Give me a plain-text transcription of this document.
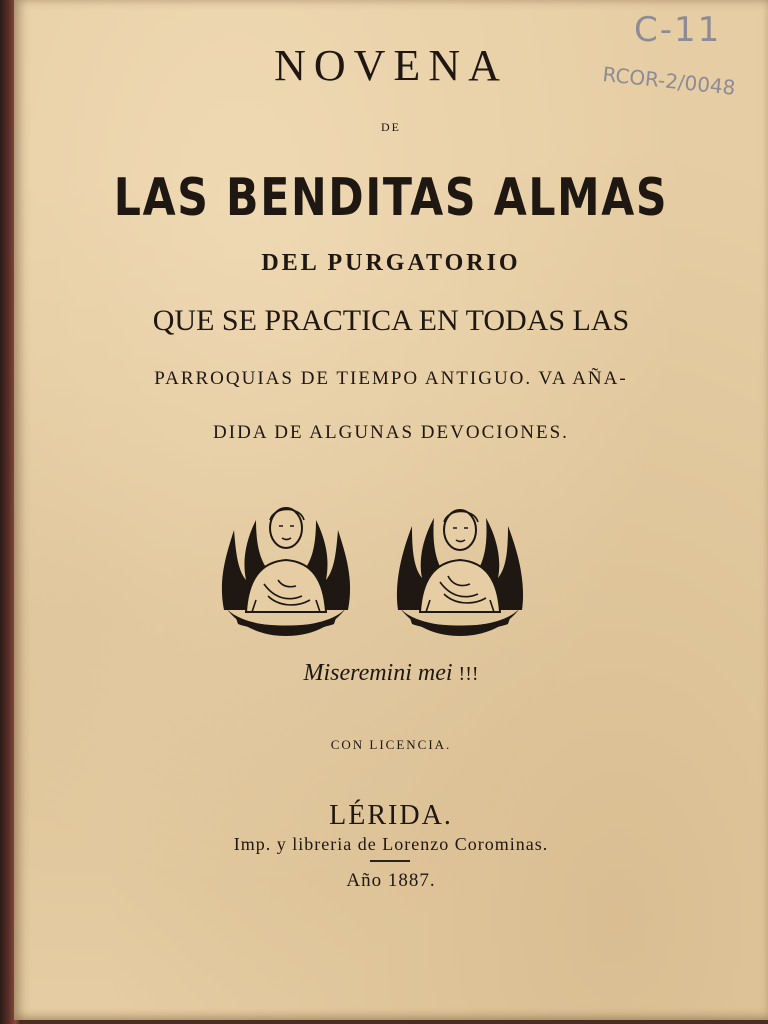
C-11
RCOR-2/0048
NOVENA
DE
LAS BENDITAS ALMAS
DEL PURGATORIO
QUE SE PRACTICA EN TODAS LAS
PARROQUIAS DE TIEMPO ANTIGUO. VA AÑA-
DIDA DE ALGUNAS DEVOCIONES.
Miseremini mei !!!
CON LICENCIA.
LÉRIDA.
Imp. y libreria de Lorenzo Corominas.
Año 1887.
